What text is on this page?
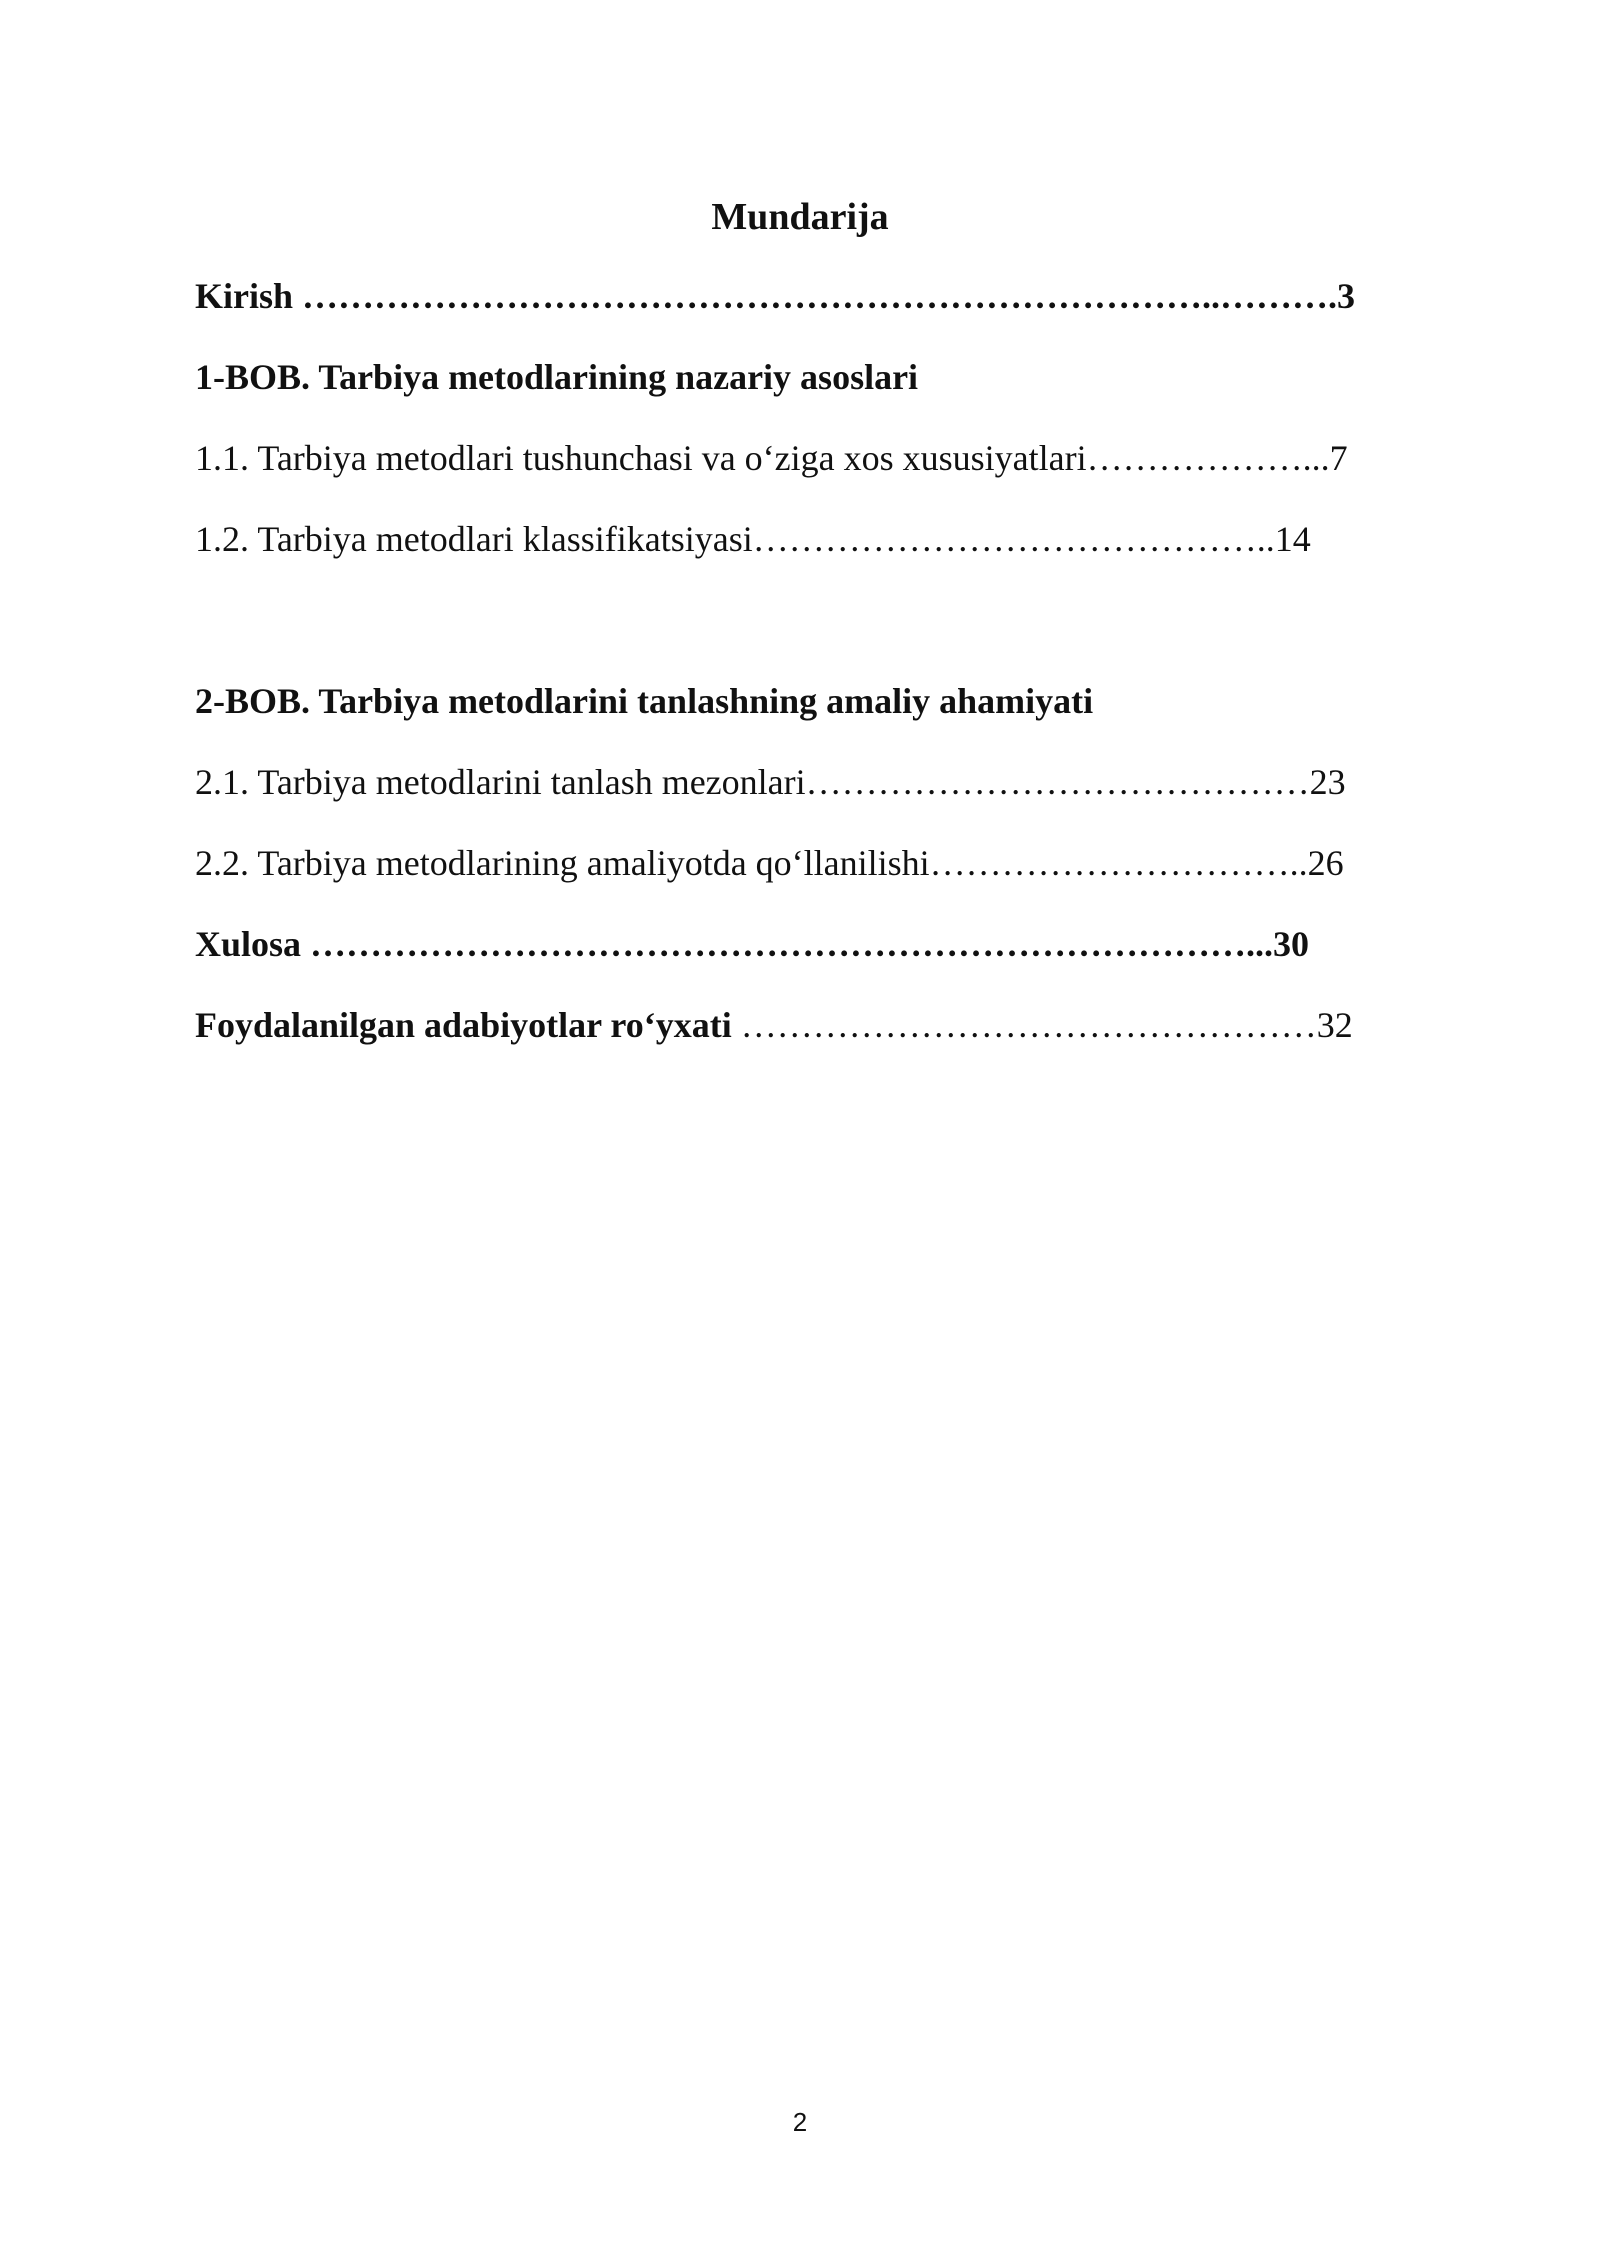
Mundarija
Kirish …………………………………………………………………..……….3
1-BOB. Tarbiya metodlarining nazariy asoslari
1.1. Tarbiya metodlari tushunchasi va o‘ziga xos xususiyatlari………………...7
1.2. Tarbiya metodlari klassifikatsiyasi……………………………………..14
2-BOB. Tarbiya metodlarini tanlashning amaliy ahamiyati
2.1. Tarbiya metodlarini tanlash mezonlari……………………………………23
2.2. Tarbiya metodlarining amaliyotda qo‘llanilishi…………………………..26
Xulosa ……………………………………………………………………...30
Foydalanilgan adabiyotlar ro‘yxati …………………………………………32

2
